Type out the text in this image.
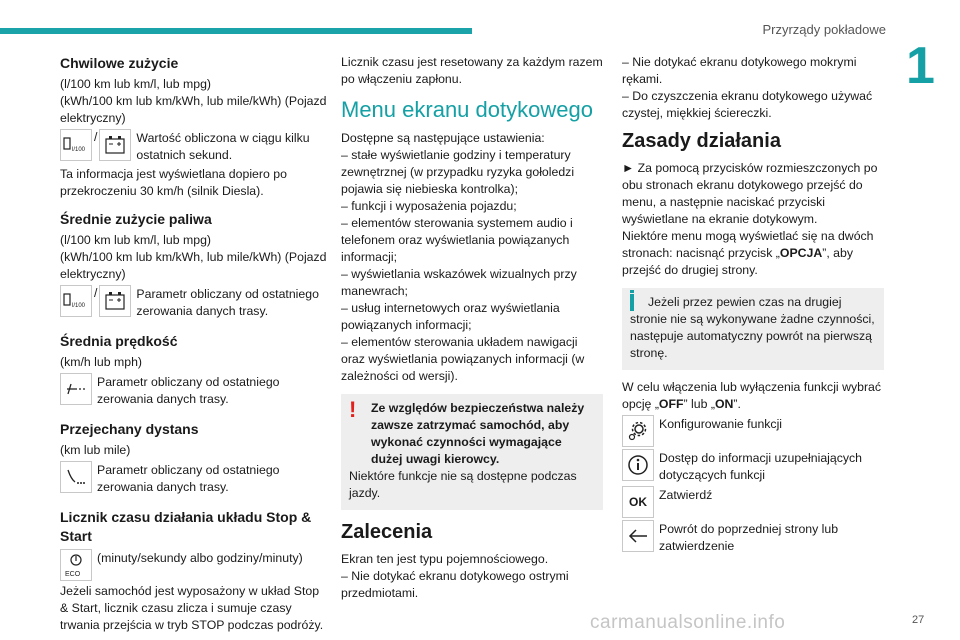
Przyrządy pokładowe
1
Chwilowe zużycie

(l/100 km lub km/l, lub mpg)

(kWh/100 km lub km/kWh, lub mile/kWh) (Pojazd elektryczny)

l/100
/	Wartość obliczona w ciągu kilku ostatnich sekund.

Ta informacja jest wyświetlana dopiero po przekroczeniu 30 km/h (silnik Diesla).

Średnie zużycie paliwa

(l/100 km lub km/l, lub mpg)

(kWh/100 km lub km/kWh, lub mile/kWh) (Pojazd elektryczny)

l/100
/	Parametr obliczany od ostatniego zerowania danych trasy.
Średnia prędkość

(km/h lub mph)

Parametr obliczany od ostatniego zerowania danych trasy.
Przejechany dystans

(km lub mile)

Parametr obliczany od ostatniego zerowania danych trasy.
Licznik czasu działania układu Stop & Start
ECO
(minuty/sekundy albo godziny/minuty)

Jeżeli samochód jest wyposażony w układ Stop & Start, licznik czasu zlicza i sumuje czasy trwania przejścia w tryb STOP podczas podróży.

Licznik czasu jest resetowany za każdym razem po włączeniu zapłonu.

Menu ekranu dotykowego

Dostępne są następujące ustawienia:

– stałe wyświetlanie godziny i temperatury zewnętrznej (w przypadku ryzyka gołoledzi pojawia się niebieska kontrolka);

– funkcji i wyposażenia pojazdu;

– elementów sterowania systemem audio i telefonem oraz wyświetlania powiązanych informacji;

– wyświetlania wskazówek wizualnych przy manewrach;

– usług internetowych oraz wyświetlania powiązanych informacji;

– elementów sterowania układem nawigacji oraz wyświetlania powiązanych informacji (w zależności od wersji).

!	Ze względów bezpieczeństwa należy zawsze zatrzymać samochód, aby wykonać czynności wymagające dużej uwagi kierowcy.

Niektóre funkcje nie są dostępne podczas jazdy.

Zalecenia

Ekran ten jest typu pojemnościowego.

– Nie dotykać ekranu dotykowego ostrymi przedmiotami.

– Nie dotykać ekranu dotykowego mokrymi rękami.

– Do czyszczenia ekranu dotykowego używać czystej, miękkiej ściereczki.

Zasady działania

► Za pomocą przycisków rozmieszczonych po obu stronach ekranu dotykowego przejść do menu, a następnie naciskać przyciski wyświetlane na ekranie dotykowym.

Niektóre menu mogą wyświetlać się na dwóch stronach: nacisnąć przycisk „OPCJA”, aby przejść do drugiej strony.

Jeżeli przez pewien czas na drugiej stronie nie są wykonywane żadne czynności, następuje automatyczny powrót na pierwszą stronę.

W celu włączenia lub wyłączenia funkcji wybrać opcję „OFF” lub „ON”.

Konfigurowanie funkcji
Dostęp do informacji uzupełniających dotyczących funkcji
OK Zatwierdź
Powrót do poprzedniej strony lub zatwierdzenie
carmanualsonline.info	27
